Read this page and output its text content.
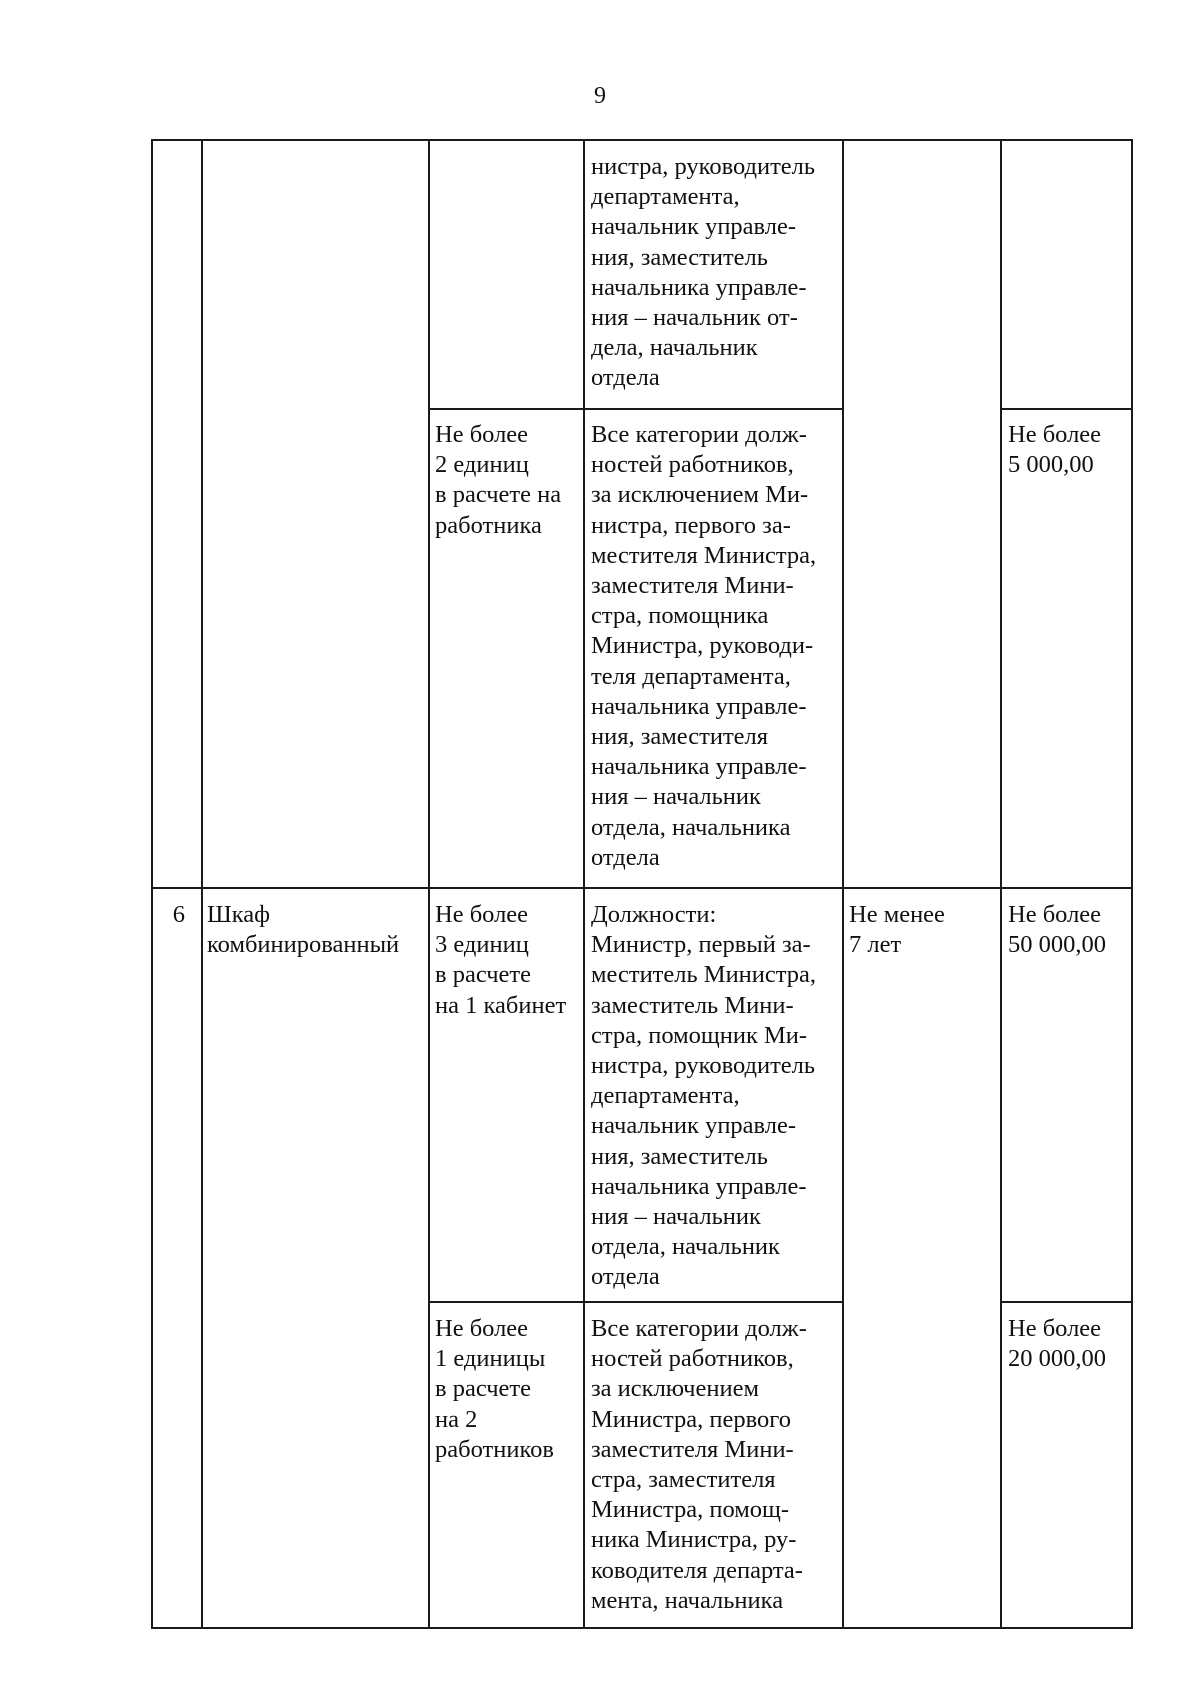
9
нистра, руководитель
департамента,
начальник управле-
ния, заместитель
начальника управле-
ния – начальник от-
дела, начальник
отдела
Не более
2 единиц
в расчете на
работника
Все категории долж-
ностей работников,
за исключением Ми-
нистра, первого за-
местителя Министра,
заместителя Мини-
стра, помощника
Министра, руководи-
теля департамента,
начальника управле-
ния, заместителя
начальника управле-
ния – начальник
отдела, начальника
отдела
Не более
5 000,00
6 Шкаф
комбинированный
Не менее
7 лет
Не более
3 единиц
в расчете
на 1 кабинет
Должности:
Министр, первый за-
меститель Министра,
заместитель Мини-
стра, помощник Ми-
нистра, руководитель
департамента,
начальник управле-
ния, заместитель
начальника управле-
ния – начальник
отдела, начальник
отдела
Не более
50 000,00
Не более
1 единицы
в расчете
на 2
работников
Все категории долж-
ностей работников,
за исключением
Министра, первого
заместителя Мини-
стра, заместителя
Министра, помощ-
ника Министра, ру-
ководителя департа-
мента, начальника
Не более
20 000,00
